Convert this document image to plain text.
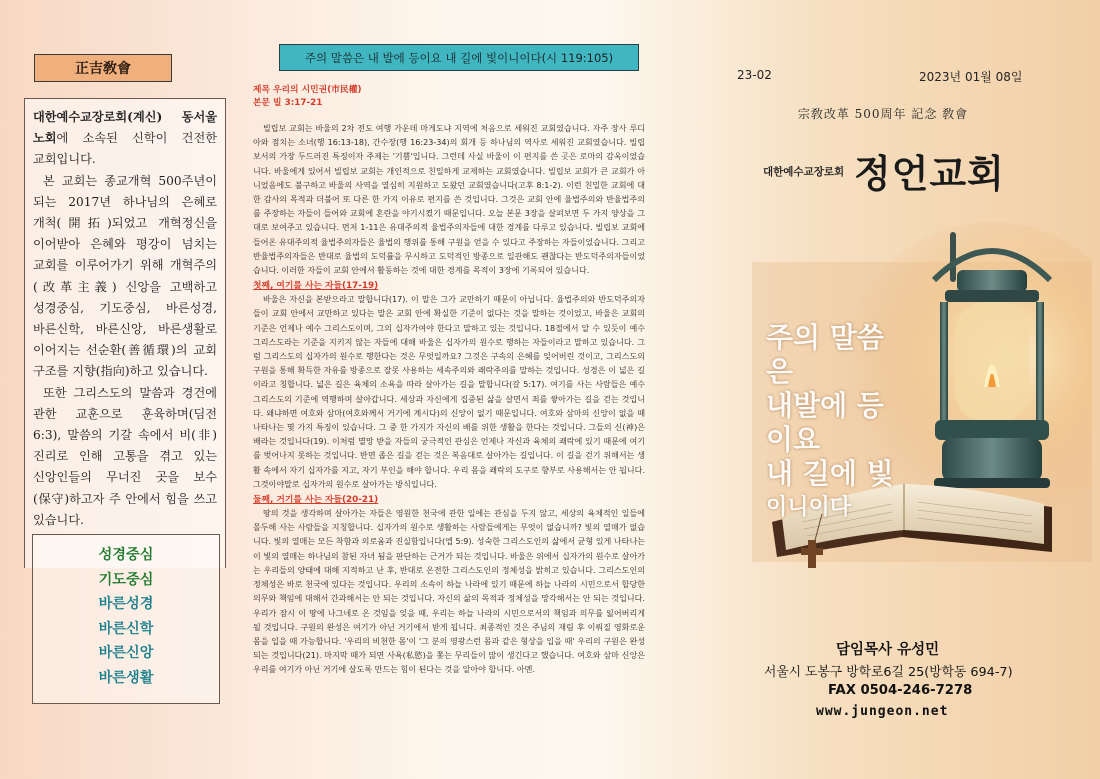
正吉敎會

대한예수교장로회(계신) 동서울 노회에 소속된 신학이 건전한 교회입니다.

본 교회는 종교개혁 500주년이 되는 2017년 하나님의 은혜로 개척(開拓)되었고 개혁정신을 이어받아 은혜와 평강이 넘치는 교회를 이루어가기 위해 개혁주의(改革主義) 신앙을 고백하고 성경중심, 기도중심, 바른성경, 바른신학, 바른신앙, 바른생활로 이어지는 선순환(善循環)의 교회 구조를 지향(指向)하고 있습니다.

또한 그리스도의 말씀과 경건에 관한 교훈으로 훈육하며(딤전 6:3), 말씀의 기갈 속에서 비(非) 진리로 인해 고통을 겪고 있는 신앙인들의 무너진 곳을 보수(保守)하고자 주 안에서 힘을 쓰고 있습니다.

성경중심
기도중심
바른성경
바른신학
바른신앙
바른생활
주의 말씀은 내 발에 등이요 내 길에 빛이니이다(시 119:105)
제목 우리의 시민권(市民權)
본문 빌 3:17-21
빌립보 교회는 바울의 2차 전도 여행 가운데 마게도냐 지역에 처음으로 세워진 교회였습니다. 자주 장사 루디아와 점치는 소녀(행 16:13-18), 간수장(행 16:23-34)의 회개 등 하나님의 역사로 세워진 교회였습니다. 빌립보서의 가장 두드러진 특징이자 주제는 '기쁨'입니다. 그런데 사실 바울이 이 편지를 쓴 곳은 로마의 감옥이었습니다. 바울에게 있어서 빌립보 교회는 개인적으로 친밀하게 교제하는 교회였습니다. 빌립보 교회가 큰 교회가 아니었음에도 불구하고 바울의 사역을 열심히 지원하고 도왔던 교회였습니다(고후 8:1-2). 이런 친밀한 교회에 대한 감사의 목적과 더불어 또 다른 한 가지 이유로 편지를 쓴 것입니다. 그것은 교회 안에 율법주의와 반율법주의를 주장하는 자들이 들어와 교회에 혼란을 야기시켰기 때문입니다. 오늘 본문 3장을 살펴보면 두 가지 양상을 그대로 보여주고 있습니다. 먼저 1-11은 유대주의적 율법주의자들에 대한 경계를 다루고 있습니다. 빌립보 교회에 들어온 유대주의적 율법주의자들은 율법의 행위를 통해 구원을 얻을 수 있다고 주장하는 자들이었습니다. 그리고 반율법주의자들은 반대로 율법의 도덕률을 무시하고 도덕적인 방종으로 일관해도 괜찮다는 반도덕주의자들이었습니다. 이러한 자들이 교회 안에서 활동하는 것에 대한 경계를 목적이 3장에 기록되어 있습니다.
첫째, 여기를 사는 자들(17-19)
바울은 자신을 본받으라고 말합니다(17). 이 말은 그가 교만하기 때문이 아닙니다. 율법주의와 반도덕주의자들이 교회 안에서 교만하고 있다는 말은 교회 안에 확실한 기준이 없다는 것을 말하는 것이었고, 바울은 교회의 기준은 언제나 예수 그리스도이며, 그의 십자가여야 한다고 말하고 있는 것입니다. 18절에서 알 수 있듯이 예수 그리스도라는 기준을 지키지 않는 자들에 대해 바울은 십자가의 원수로 행하는 자들이라고 말하고 있습니다. 그럼 그리스도의 십자가의 원수로 행한다는 것은 무엇일까요? 그것은 구속의 은혜를 잊어버린 것이고, 그리스도의 구원을 통해 확득한 자유를 방종으로 잘못 사용하는 세속주의와 쾌락주의를 말하는 것입니다. 성경은 이 넓은 길이라고 칭합니다. 넓은 길은 육체의 소욕을 따라 살아가는 길을 말합니다(갈 5:17). 여기를 사는 사람들은 예수 그리스도의 기준에 역행하며 살아갑니다. 세상과 자신에게 집중된 삶을 살면서 죄를 쌓아가는 길을 걷는 것입니다. 왜냐하면 여호와 삼마(여호와께서 거기에 계시다)의 신앙이 없기 때문입니다. 여호와 삼마의 신앙이 없을 때 나타나는 몇 가지 특징이 있습니다. 그 중 한 가지가 자신의 배를 위한 생활을 한다는 것입니다. 그들의 신(神)은 배라는 것입니다(19). 이처럼 멸망 받을 자들의 궁극적인 관심은 언제나 자신과 육체의 쾌락에 있기 때문에 여기를 벗어나지 못하는 것입니다. 반면 좁은 길을 걷는 것은 복음대로 살아가는 길입니다. 이 길을 걷기 위해서는 생활 속에서 자기 십자가를 지고, 자기 부인을 해야 합니다. 우리 몸을 쾌락의 도구로 향부로 사용해서는 안 됩니다. 그것이야말로 십자가의 원수로 살아가는 방식입니다.
둘째, 거기를 사는 자들(20-21)
땅의 것을 생각하며 살아가는 자들은 영원한 천국에 관한 일에는 관심을 두지 않고, 세상의 육체적인 일들에 몰두해 사는 사람들을 지칭합니다. 십자가의 원수로 생활하는 사람들에게는 무엇이 없습니까? 빛의 열매가 없습니다. 빛의 열매는 모든 착함과 의로움과 진실함입니다(엡 5:9). 성숙한 그리스도인의 삶에서 균형 있게 나타나는 이 빛의 열매는 하나님의 참된 자녀 됨을 판단하는 근거가 되는 것입니다. 바울은 위에서 십자가의 원수로 살아가는 우리들의 양태에 대해 지적하고 난 후, 반대로 온전한 그리스도인의 정체성을 밝히고 있습니다. 그리스도인의 정체성은 바로 천국에 있다는 것입니다. 우리의 소속이 하늘 나라에 있기 때문에 하늘 나라의 시민으로서 합당한 의무와 책임에 대해서 간과해서는 안 되는 것입니다. 자신의 삶의 목적과 정체성을 망각해서는 안 되는 것입니다. 우리가 잠시 이 땅에 나그네로 온 것임을 잊을 때, 우리는 하늘 나라의 시민으로서의 책임과 의무를 잃어버리게 될 것입니다. 구원의 완성은 여기가 아닌 거기에서 받게 됩니다. 최종적인 것은 주님의 재림 후 이뤄질 영화로운 몸을 입을 때 가능합니다. '우리의 비천한 몸'이 '그 분의 영광스런 몸과 같은 형상을 입을 때' 우리의 구원은 완성되는 것입니다(21). 마지막 때가 되면 사욕(私慾)을 쫓는 무리들이 많이 생긴다고 했습니다. 여호와 삼마 신앙은 우리를 여기가 아닌 거기에 살도록 만드는 힘이 된다는 것을 알아야 합니다. 아멘.
23-02	2023년 01월 08일
宗敎改革 500周年 記念 敎會
대한예수교장로회 정언교회
주의 말씀은
내발에 등이요
내 길에 빛
이니이다
담임목사 유성민
서울시 도봉구 방학로6길 25(방학동 694-7)
FAX 0504-246-7278
www.jungeon.net
